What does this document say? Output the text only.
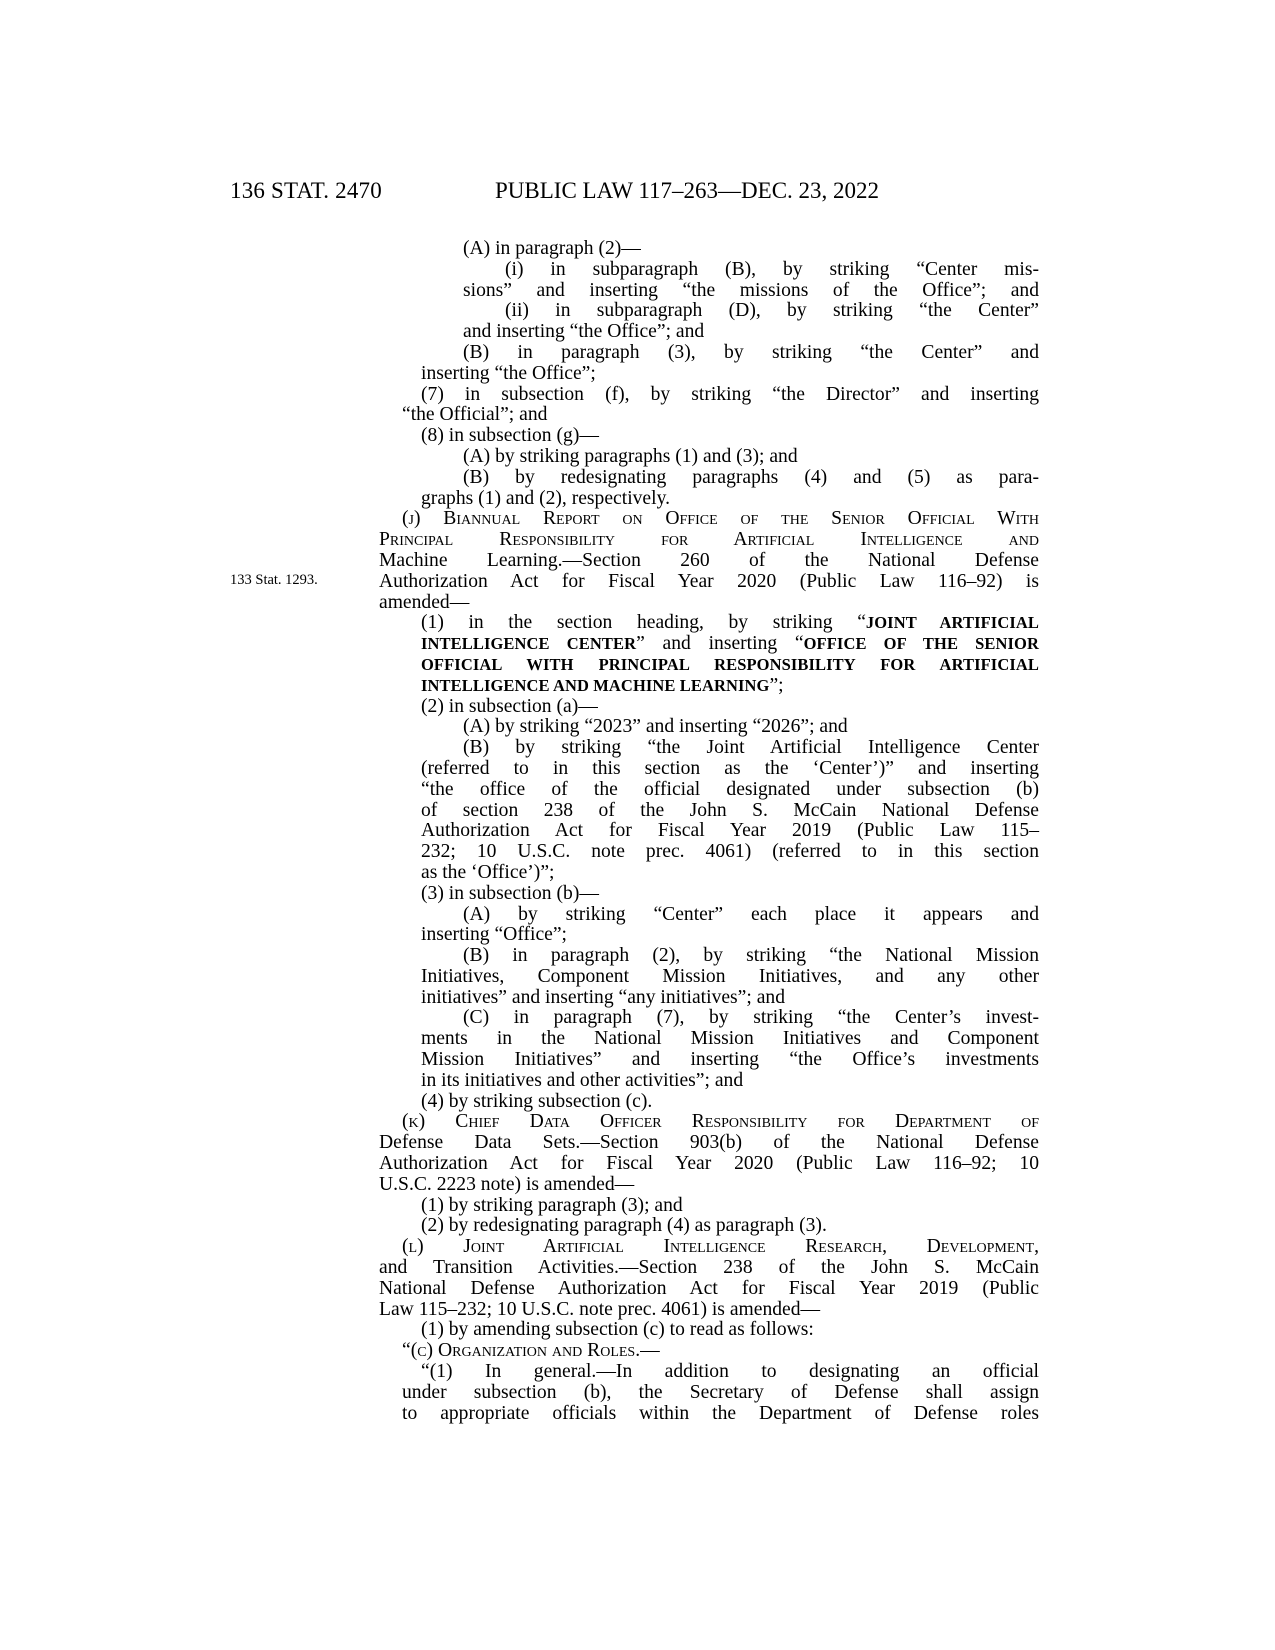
136 STAT. 2470	PUBLIC LAW 117–263—DEC. 23, 2022
133 Stat. 1293.
(A) in paragraph (2)—
(i) in subparagraph (B), by striking “Center mis-
sions” and inserting “the missions of the Office”; and
(ii) in subparagraph (D), by striking “the Center”
and inserting “the Office”; and
(B) in paragraph (3), by striking “the Center” and
inserting “the Office”;
(7) in subsection (f), by striking “the Director” and inserting
“the Official”; and
(8) in subsection (g)—
(A) by striking paragraphs (1) and (3); and
(B) by redesignating paragraphs (4) and (5) as para-
graphs (1) and (2), respectively.
(j) Biannual Report on Office of the Senior Official With
Principal Responsibility for Artificial Intelligence and
Machine Learning.—Section 260 of the National Defense
Authorization Act for Fiscal Year 2020 (Public Law 116–92) is
amended—
(1) in the section heading, by striking “JOINT ARTIFICIAL
INTELLIGENCE CENTER” and inserting “OFFICE OF THE SENIOR
OFFICIAL WITH PRINCIPAL RESPONSIBILITY FOR ARTIFICIAL
INTELLIGENCE AND MACHINE LEARNING”;
(2) in subsection (a)—
(A) by striking “2023” and inserting “2026”; and
(B) by striking “the Joint Artificial Intelligence Center
(referred to in this section as the ‘Center’)” and inserting
“the office of the official designated under subsection (b)
of section 238 of the John S. McCain National Defense
Authorization Act for Fiscal Year 2019 (Public Law 115–
232; 10 U.S.C. note prec. 4061) (referred to in this section
as the ‘Office’)”;
(3) in subsection (b)—
(A) by striking “Center” each place it appears and
inserting “Office”;
(B) in paragraph (2), by striking “the National Mission
Initiatives, Component Mission Initiatives, and any other
initiatives” and inserting “any initiatives”; and
(C) in paragraph (7), by striking “the Center’s invest-
ments in the National Mission Initiatives and Component
Mission Initiatives” and inserting “the Office’s investments
in its initiatives and other activities”; and
(4) by striking subsection (c).
(k) Chief Data Officer Responsibility for Department of
Defense Data Sets.—Section 903(b) of the National Defense
Authorization Act for Fiscal Year 2020 (Public Law 116–92; 10
U.S.C. 2223 note) is amended—
(1) by striking paragraph (3); and
(2) by redesignating paragraph (4) as paragraph (3).
(l) Joint Artificial Intelligence Research, Development,
and Transition Activities.—Section 238 of the John S. McCain
National Defense Authorization Act for Fiscal Year 2019 (Public
Law 115–232; 10 U.S.C. note prec. 4061) is amended—
(1) by amending subsection (c) to read as follows:
“(c) Organization and Roles.—
“(1) In general.—In addition to designating an official
under subsection (b), the Secretary of Defense shall assign
to appropriate officials within the Department of Defense roles
